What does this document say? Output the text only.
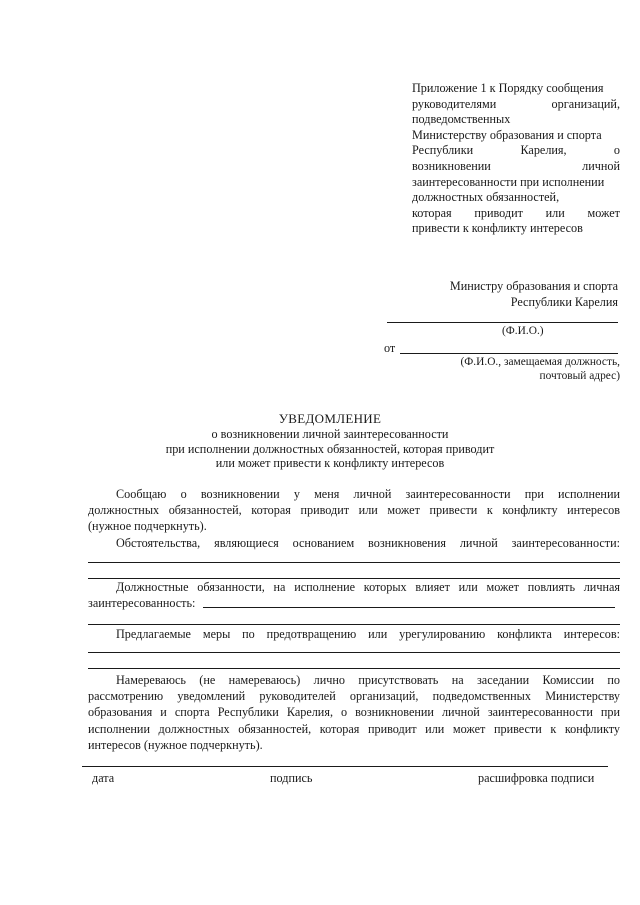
Приложение 1 к Порядку сообщения
руководителями организаций,
подведомственных
Министерству образования и спорта
Республики Карелия, о
возникновении личной
заинтересованности при исполнении
должностных обязанностей,
которая приводит или может
привести к конфликту интересов
Министру образования и спорта
Республики Карелия
(Ф.И.О.)
от
(Ф.И.О., замещаемая должность,
почтовый адрес)
УВЕДОМЛЕНИЕ
о возникновении личной заинтересованности
при исполнении должностных обязанностей, которая приводит
или может привести к конфликту интересов
Сообщаю о возникновении у меня личной заинтересованности при исполнении
должностных обязанностей, которая приводит или может привести к конфликту интересов
(нужное подчеркнуть).
Обстоятельства, являющиеся основанием возникновения личной заинтересованности:
Должностные обязанности, на исполнение которых влияет или может повлиять личная
заинтересованность:
Предлагаемые меры по предотвращению или урегулированию конфликта интересов:
Намереваюсь (не намереваюсь) лично присутствовать на заседании Комиссии по
рассмотрению уведомлений руководителей организаций, подведомственных Министерству
образования и спорта Республики Карелия, о возникновении личной заинтересованности при
исполнении должностных обязанностей, которая приводит или может привести к конфликту
интересов (нужное подчеркнуть).
дата	подпись	расшифровка подписи
